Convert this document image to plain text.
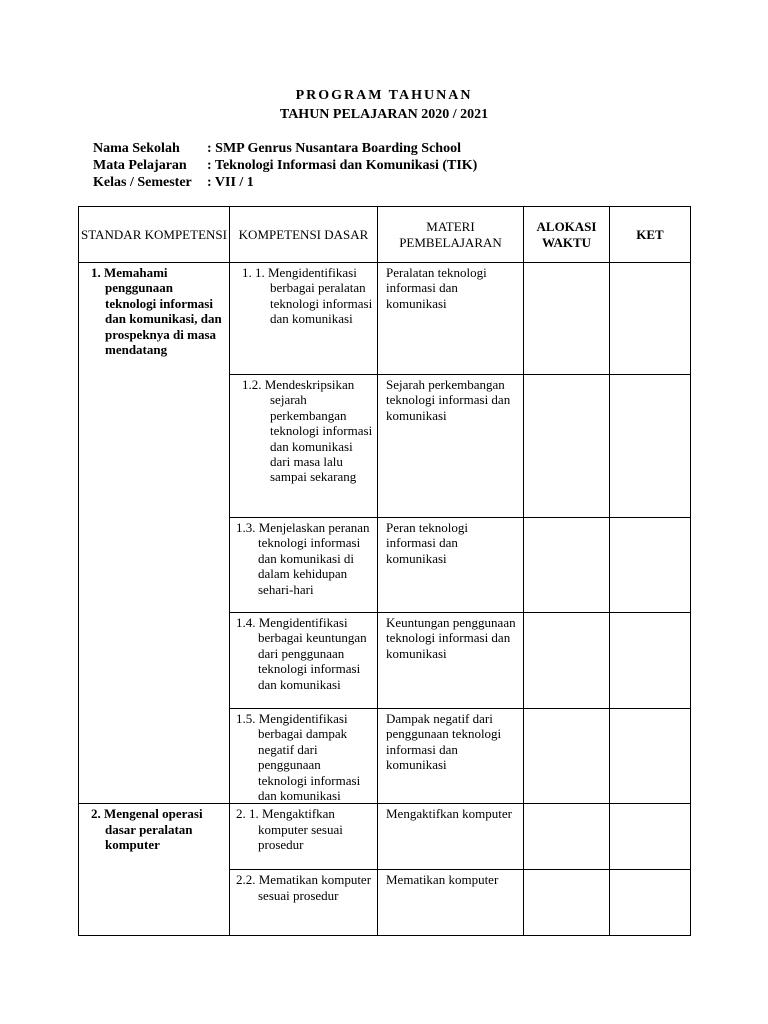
PROGRAM TAHUNAN
TAHUN PELAJARAN 2020 / 2021
Nama Sekolah	: SMP Genrus Nusantara Boarding School
Mata Pelajaran	: Teknologi Informasi dan Komunikasi (TIK)
Kelas / Semester	: VII / 1
STANDAR KOMPETENSI	KOMPETENSI DASAR	MATERI PEMBELAJARAN	ALOKASI WAKTU	KET

1. Memahami penggunaan teknologi informasi dan komunikasi, dan prospeknya di masa mendatang	1. 1. Mengidentifikasi berbagai peralatan teknologi informasi dan komunikasi	Peralatan teknologi informasi dan komunikasi		

	1.2. Mendeskripsikan sejarah perkembangan teknologi informasi dan komunikasi dari masa lalu sampai sekarang	Sejarah perkembangan teknologi informasi dan komunikasi		

	1.3. Menjelaskan peranan teknologi informasi dan komunikasi di dalam kehidupan sehari-hari	Peran teknologi informasi dan komunikasi		

	1.4. Mengidentifikasi berbagai keuntungan dari penggunaan teknologi informasi dan komunikasi	Keuntungan penggunaan teknologi informasi dan komunikasi		

	1.5. Mengidentifikasi berbagai dampak negatif dari penggunaan teknologi informasi dan komunikasi	Dampak negatif dari penggunaan teknologi informasi dan komunikasi		

2. Mengenal operasi dasar peralatan komputer	2. 1. Mengaktifkan komputer sesuai prosedur	Mengaktifkan komputer		

	2.2. Mematikan komputer sesuai prosedur	Mematikan komputer		
